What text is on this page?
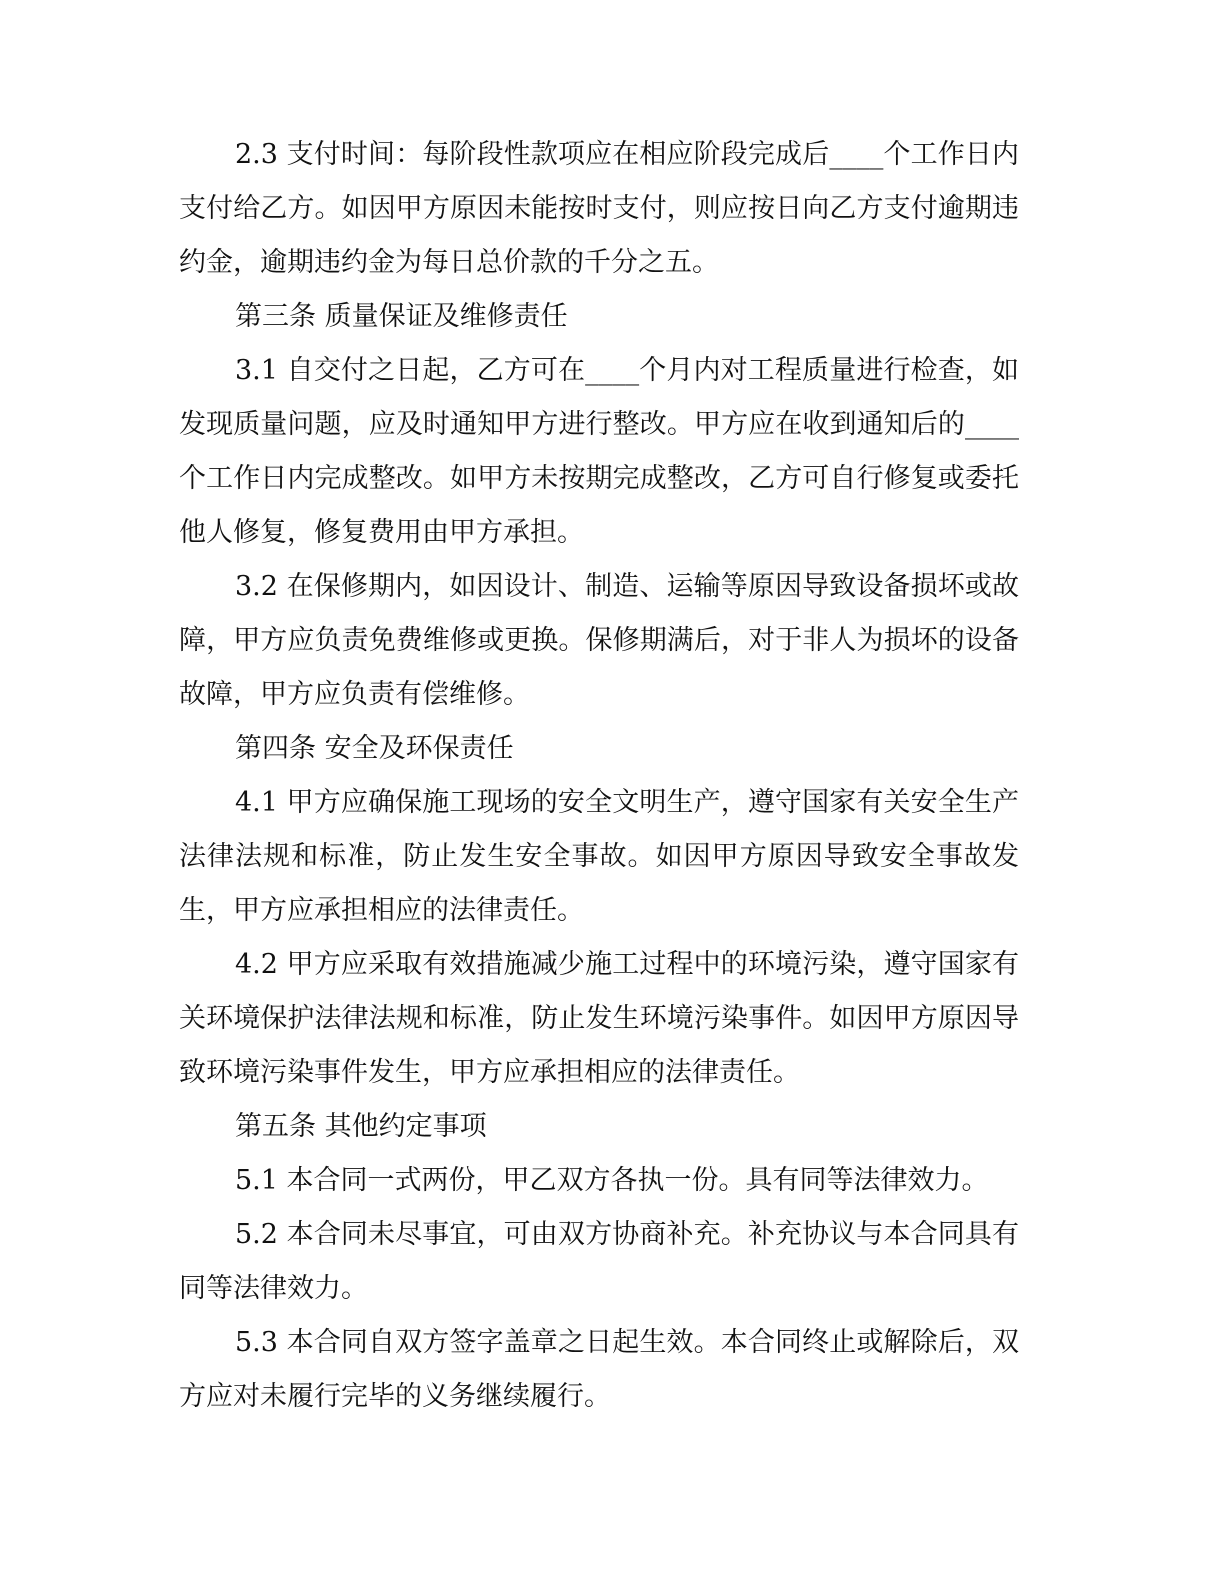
2.3 支付时间：每阶段性款项应在相应阶段完成后____个工作日内支付给乙方。如因甲方原因未能按时支付，则应按日向乙方支付逾期违约金，逾期违约金为每日总价款的千分之五。

第三条 质量保证及维修责任

3.1 自交付之日起，乙方可在____个月内对工程质量进行检查，如发现质量问题，应及时通知甲方进行整改。甲方应在收到通知后的____个工作日内完成整改。如甲方未按期完成整改，乙方可自行修复或委托他人修复，修复费用由甲方承担。

3.2 在保修期内，如因设计、制造、运输等原因导致设备损坏或故障，甲方应负责免费维修或更换。保修期满后，对于非人为损坏的设备故障，甲方应负责有偿维修。

第四条 安全及环保责任

4.1 甲方应确保施工现场的安全文明生产，遵守国家有关安全生产法律法规和标准，防止发生安全事故。如因甲方原因导致安全事故发生，甲方应承担相应的法律责任。

4.2 甲方应采取有效措施减少施工过程中的环境污染，遵守国家有关环境保护法律法规和标准，防止发生环境污染事件。如因甲方原因导致环境污染事件发生，甲方应承担相应的法律责任。

第五条 其他约定事项

5.1 本合同一式两份，甲乙双方各执一份。具有同等法律效力。

5.2 本合同未尽事宜，可由双方协商补充。补充协议与本合同具有同等法律效力。

5.3 本合同自双方签字盖章之日起生效。本合同终止或解除后，双方应对未履行完毕的义务继续履行。
